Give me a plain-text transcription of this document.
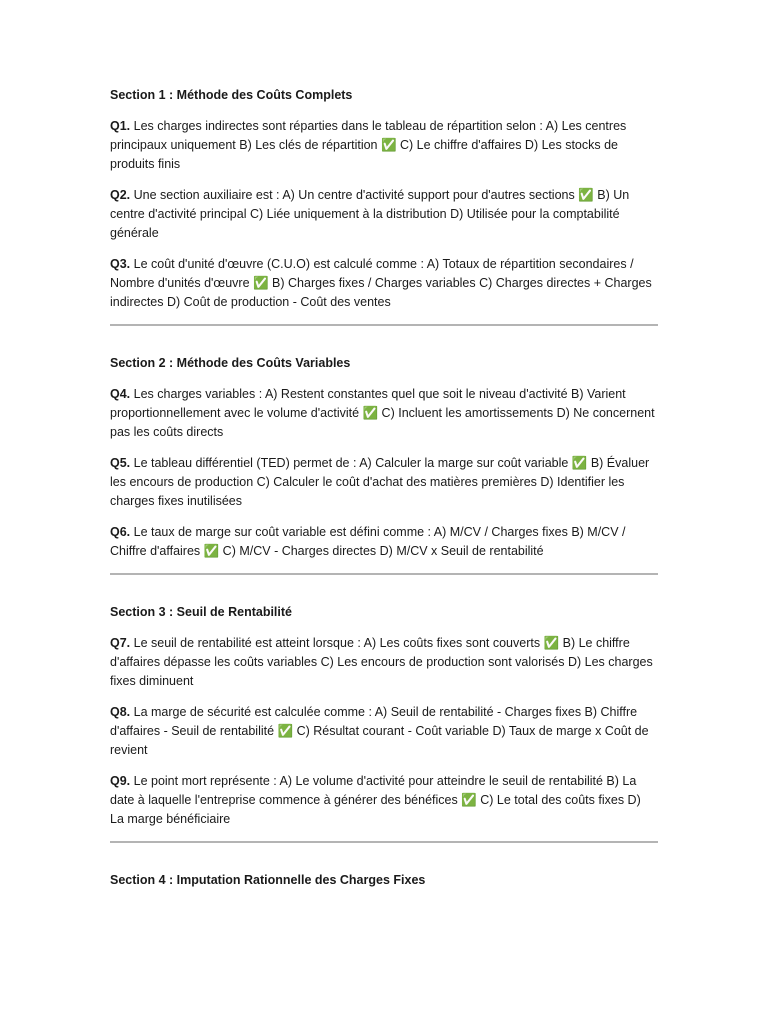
Section 1 : Méthode des Coûts Complets

Q1. Les charges indirectes sont réparties dans le tableau de répartition selon : A) Les centres principaux uniquement B) Les clés de répartition ✅ C) Le chiffre d'affaires D) Les stocks de produits finis

Q2. Une section auxiliaire est : A) Un centre d'activité support pour d'autres sections ✅ B) Un centre d'activité principal C) Liée uniquement à la distribution D) Utilisée pour la comptabilité générale

Q3. Le coût d'unité d'œuvre (C.U.O) est calculé comme : A) Totaux de répartition secondaires / Nombre d'unités d'œuvre ✅ B) Charges fixes / Charges variables C) Charges directes + Charges indirectes D) Coût de production - Coût des ventes

Section 2 : Méthode des Coûts Variables

Q4. Les charges variables : A) Restent constantes quel que soit le niveau d'activité B) Varient proportionnellement avec le volume d'activité ✅ C) Incluent les amortissements D) Ne concernent pas les coûts directs

Q5. Le tableau différentiel (TED) permet de : A) Calculer la marge sur coût variable ✅ B) Évaluer les encours de production C) Calculer le coût d'achat des matières premières D) Identifier les charges fixes inutilisées

Q6. Le taux de marge sur coût variable est défini comme : A) M/CV / Charges fixes B) M/CV / Chiffre d'affaires ✅ C) M/CV - Charges directes D) M/CV x Seuil de rentabilité

Section 3 : Seuil de Rentabilité

Q7. Le seuil de rentabilité est atteint lorsque : A) Les coûts fixes sont couverts ✅ B) Le chiffre d'affaires dépasse les coûts variables C) Les encours de production sont valorisés D) Les charges fixes diminuent

Q8. La marge de sécurité est calculée comme : A) Seuil de rentabilité - Charges fixes B) Chiffre d'affaires - Seuil de rentabilité ✅ C) Résultat courant - Coût variable D) Taux de marge x Coût de revient

Q9. Le point mort représente : A) Le volume d'activité pour atteindre le seuil de rentabilité B) La date à laquelle l'entreprise commence à générer des bénéfices ✅ C) Le total des coûts fixes D) La marge bénéficiaire

Section 4 : Imputation Rationnelle des Charges Fixes
